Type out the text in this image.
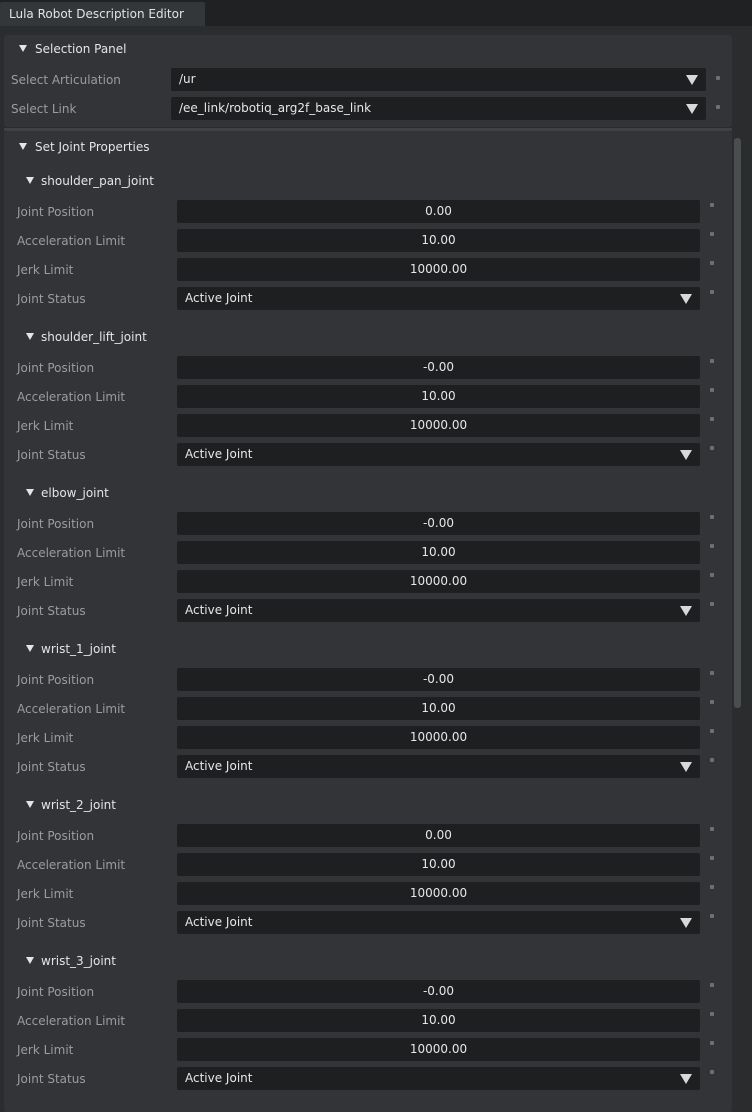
Lula Robot Description Editor
Selection Panel
Select Articulation	/ur
Select Link	/ee_link/robotiq_arg2f_base_link
Set Joint Properties
shoulder_pan_joint
Joint Position	0.00
Acceleration Limit	10.00
Jerk Limit	10000.00
Joint Status	Active Joint
shoulder_lift_joint
Joint Position	-0.00
Acceleration Limit	10.00
Jerk Limit	10000.00
Joint Status	Active Joint
elbow_joint
Joint Position	-0.00
Acceleration Limit	10.00
Jerk Limit	10000.00
Joint Status	Active Joint
wrist_1_joint
Joint Position	-0.00
Acceleration Limit	10.00
Jerk Limit	10000.00
Joint Status	Active Joint
wrist_2_joint
Joint Position	0.00
Acceleration Limit	10.00
Jerk Limit	10000.00
Joint Status	Active Joint
wrist_3_joint
Joint Position	-0.00
Acceleration Limit	10.00
Jerk Limit	10000.00
Joint Status	Active Joint
